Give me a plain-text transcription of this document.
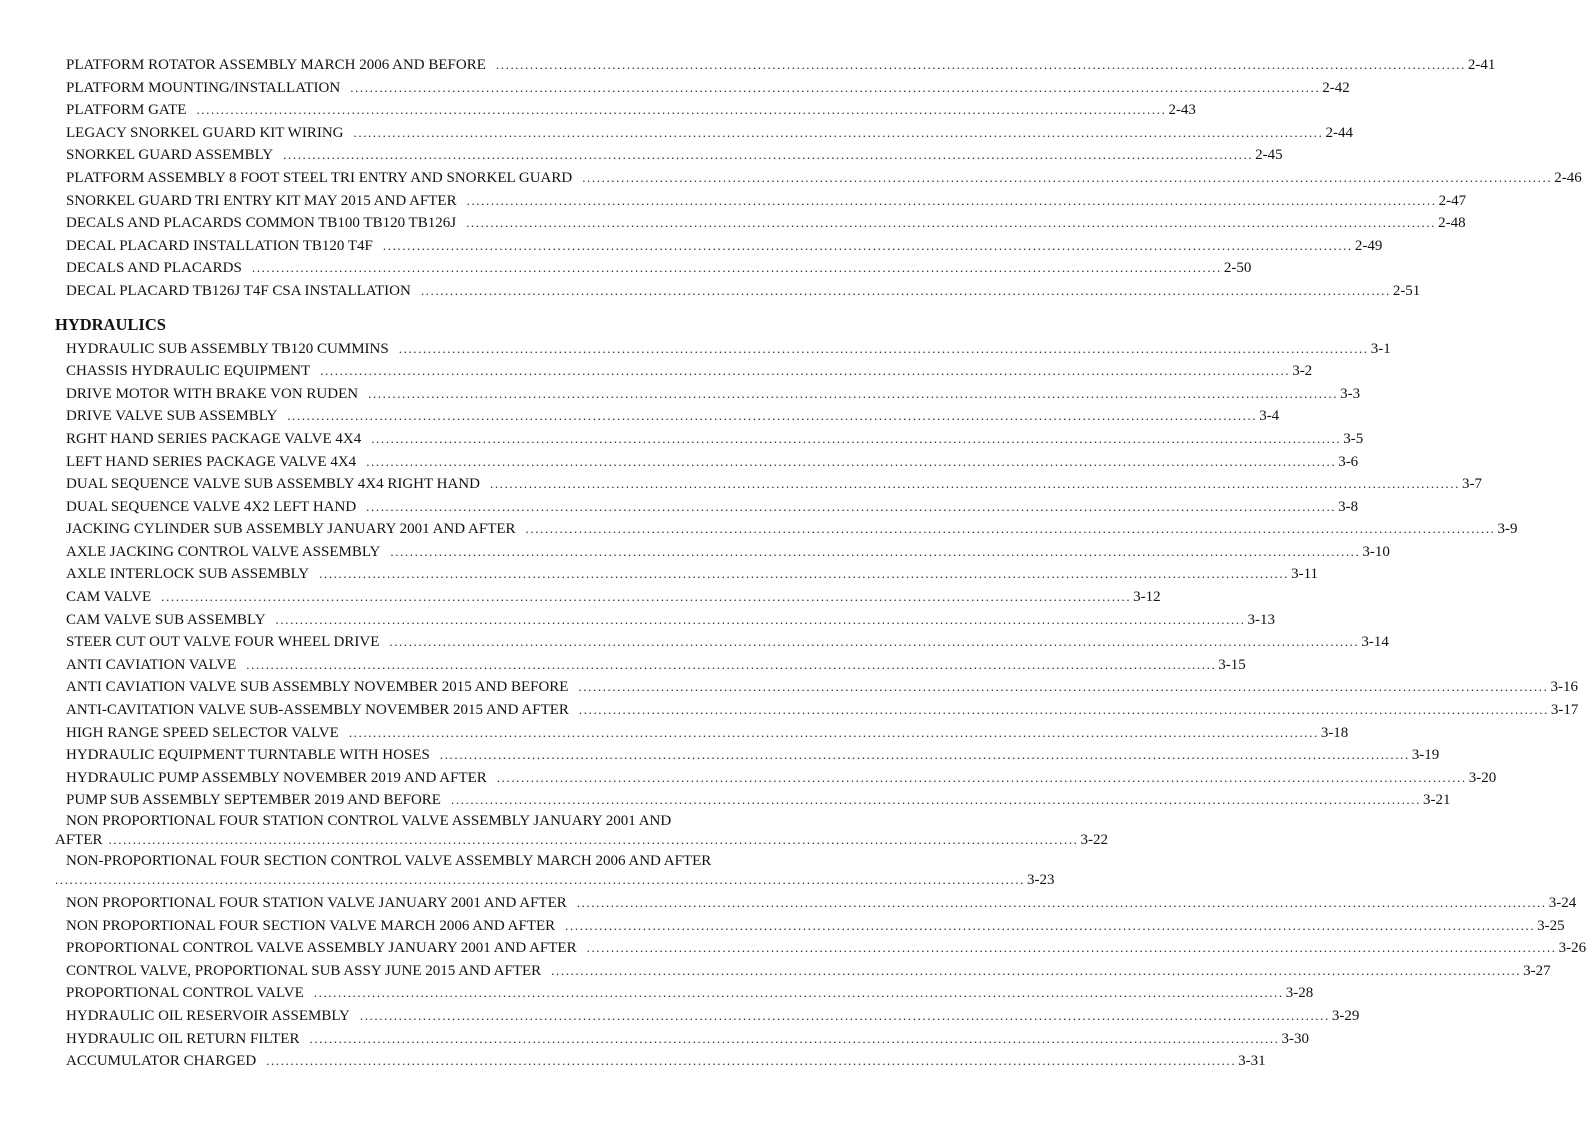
PLATFORM ROTATOR ASSEMBLY MARCH 2006 AND BEFORE ........................................................................................................................................................................................................ 2-41
PLATFORM MOUNTING/INSTALLATION ........................................................................................................................................................................................................ 2-42
PLATFORM GATE ........................................................................................................................................................................................................ 2-43
LEGACY SNORKEL GUARD KIT WIRING ........................................................................................................................................................................................................ 2-44
SNORKEL GUARD ASSEMBLY ........................................................................................................................................................................................................ 2-45
PLATFORM ASSEMBLY 8 FOOT STEEL TRI ENTRY AND SNORKEL GUARD ........................................................................................................................................................................................................ 2-46
SNORKEL GUARD TRI ENTRY KIT MAY 2015 AND AFTER ........................................................................................................................................................................................................ 2-47
DECALS AND PLACARDS COMMON TB100 TB120 TB126J ........................................................................................................................................................................................................ 2-48
DECAL PLACARD INSTALLATION TB120 T4F ........................................................................................................................................................................................................ 2-49
DECALS AND PLACARDS ........................................................................................................................................................................................................ 2-50
DECAL PLACARD TB126J T4F CSA INSTALLATION ........................................................................................................................................................................................................ 2-51
HYDRAULICS
HYDRAULIC SUB ASSEMBLY TB120 CUMMINS ........................................................................................................................................................................................................ 3-1
CHASSIS HYDRAULIC EQUIPMENT ........................................................................................................................................................................................................ 3-2
DRIVE MOTOR WITH BRAKE VON RUDEN ........................................................................................................................................................................................................ 3-3
DRIVE VALVE SUB ASSEMBLY ........................................................................................................................................................................................................ 3-4
RGHT HAND SERIES PACKAGE VALVE 4X4 ........................................................................................................................................................................................................ 3-5
LEFT HAND SERIES PACKAGE VALVE 4X4 ........................................................................................................................................................................................................ 3-6
DUAL SEQUENCE VALVE SUB ASSEMBLY 4X4 RIGHT HAND ........................................................................................................................................................................................................ 3-7
DUAL SEQUENCE VALVE 4X2 LEFT HAND ........................................................................................................................................................................................................ 3-8
JACKING CYLINDER SUB ASSEMBLY JANUARY 2001 AND AFTER ........................................................................................................................................................................................................ 3-9
AXLE JACKING CONTROL VALVE ASSEMBLY ........................................................................................................................................................................................................ 3-10
AXLE INTERLOCK SUB ASSEMBLY ........................................................................................................................................................................................................ 3-11
CAM VALVE ........................................................................................................................................................................................................ 3-12
CAM VALVE SUB ASSEMBLY ........................................................................................................................................................................................................ 3-13
STEER CUT OUT VALVE FOUR WHEEL DRIVE ........................................................................................................................................................................................................ 3-14
ANTI CAVIATION VALVE ........................................................................................................................................................................................................ 3-15
ANTI CAVIATION VALVE SUB ASSEMBLY NOVEMBER 2015 AND BEFORE ........................................................................................................................................................................................................ 3-16
ANTI-CAVITATION VALVE SUB-ASSEMBLY NOVEMBER 2015 AND AFTER ........................................................................................................................................................................................................ 3-17
HIGH RANGE SPEED SELECTOR VALVE ........................................................................................................................................................................................................ 3-18
HYDRAULIC EQUIPMENT TURNTABLE WITH HOSES ........................................................................................................................................................................................................ 3-19
HYDRAULIC PUMP ASSEMBLY NOVEMBER 2019 AND AFTER ........................................................................................................................................................................................................ 3-20
PUMP SUB ASSEMBLY SEPTEMBER 2019 AND BEFORE ........................................................................................................................................................................................................ 3-21
NON PROPORTIONAL FOUR STATION CONTROL VALVE ASSEMBLY JANUARY 2001 AND
AFTER ........................................................................................................................................................................................................ 3-22
NON-PROPORTIONAL FOUR SECTION CONTROL VALVE ASSEMBLY MARCH 2006 AND AFTER
........................................................................................................................................................................................................ 3-23
NON PROPORTIONAL FOUR STATION VALVE JANUARY 2001 AND AFTER ........................................................................................................................................................................................................ 3-24
NON PROPORTIONAL FOUR SECTION VALVE MARCH 2006 AND AFTER ........................................................................................................................................................................................................ 3-25
PROPORTIONAL CONTROL VALVE ASSEMBLY JANUARY 2001 AND AFTER ........................................................................................................................................................................................................ 3-26
CONTROL VALVE, PROPORTIONAL SUB ASSY JUNE 2015 AND AFTER ........................................................................................................................................................................................................ 3-27
PROPORTIONAL CONTROL VALVE ........................................................................................................................................................................................................ 3-28
HYDRAULIC OIL RESERVOIR ASSEMBLY ........................................................................................................................................................................................................ 3-29
HYDRAULIC OIL RETURN FILTER ........................................................................................................................................................................................................ 3-30
ACCUMULATOR CHARGED ........................................................................................................................................................................................................ 3-31
